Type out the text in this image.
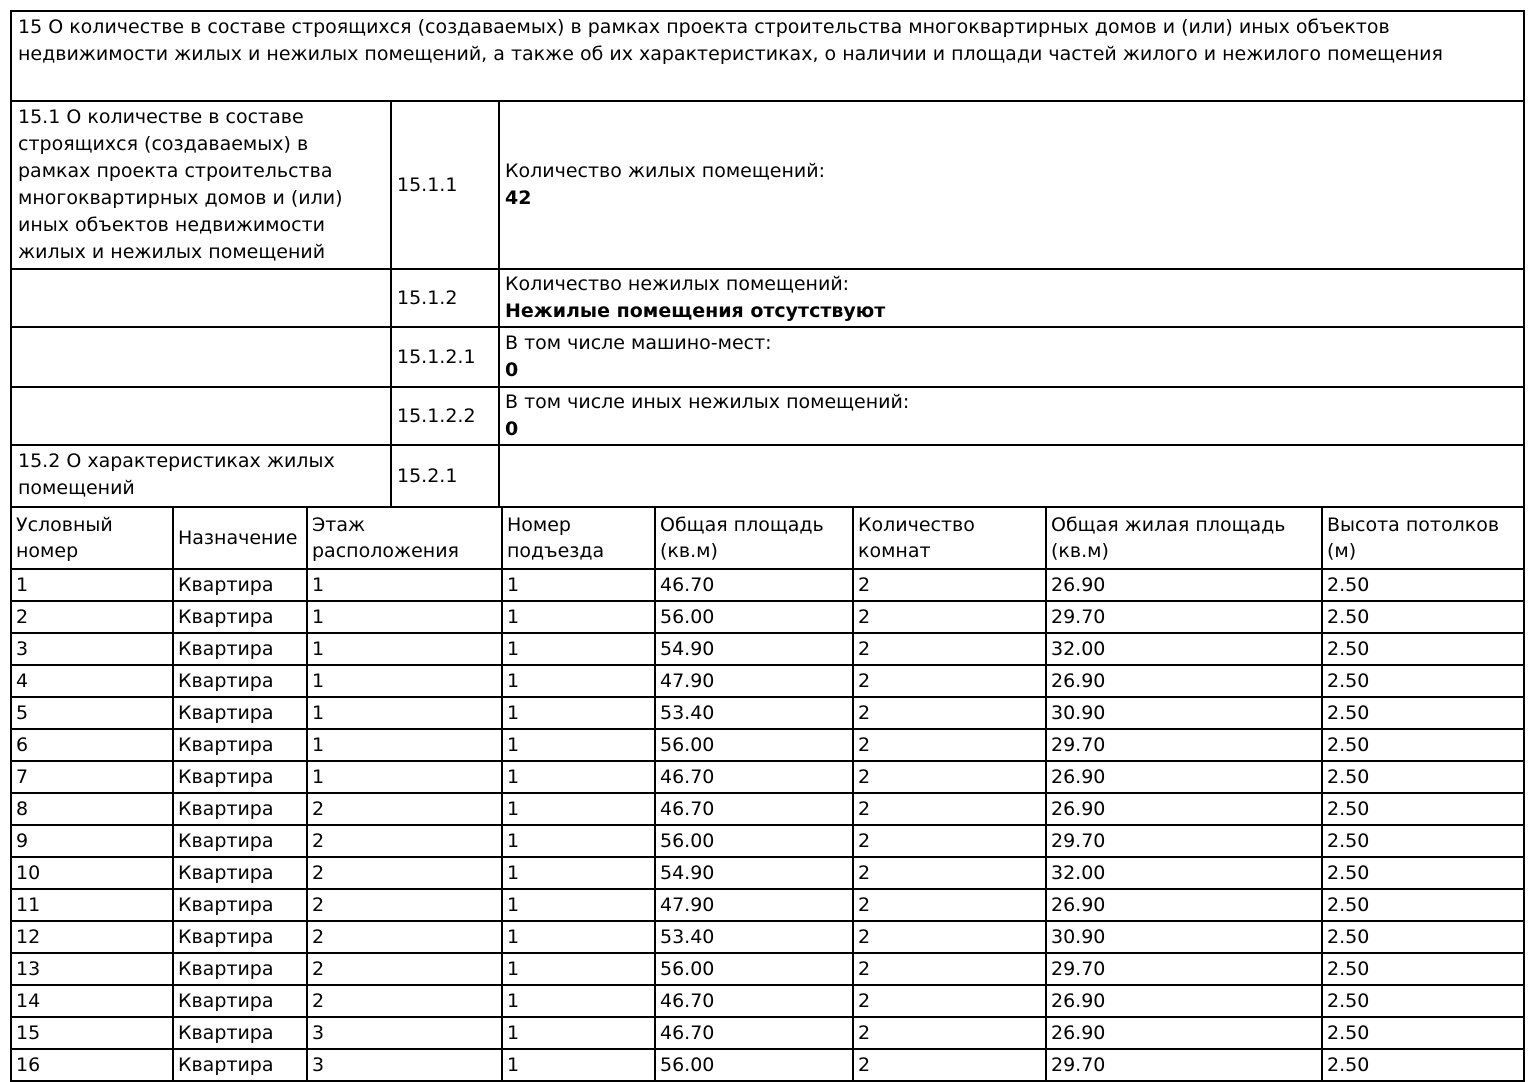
15 О количестве в составе строящихся (создаваемых) в рамках проекта строительства многоквартирных домов и (или) иных объектов недвижимости жилых и нежилых помещений, а также об их характеристиках, о наличии и площади частей жилого и нежилого помещения		
15.1 О количестве в составе строящихся (создаваемых) в рамках проекта строительства многоквартирных домов и (или) иных объектов недвижимости жилых и нежилых помещений	15.1.1	Количество жилых помещений:
42

	15.1.2	Количество нежилых помещений:
Нежилые помещения отсутствуют

	15.1.2.1	В том числе машино-мест:
0

	15.1.2.2	В том числе иных нежилых помещений:
0

15.2 О характеристиках жилых помещений	15.2.1	
Условный номер	Назначение	Этаж расположения	Номер подъезда	Общая площадь (кв.м)	Количество комнат	Общая жилая площадь (кв.м)	Высота потолков (м)
1	Квартира	1	1	46.70	2	26.90	2.50
2	Квартира	1	1	56.00	2	29.70	2.50
3	Квартира	1	1	54.90	2	32.00	2.50
4	Квартира	1	1	47.90	2	26.90	2.50
5	Квартира	1	1	53.40	2	30.90	2.50
6	Квартира	1	1	56.00	2	29.70	2.50
7	Квартира	1	1	46.70	2	26.90	2.50
8	Квартира	2	1	46.70	2	26.90	2.50
9	Квартира	2	1	56.00	2	29.70	2.50
10	Квартира	2	1	54.90	2	32.00	2.50
11	Квартира	2	1	47.90	2	26.90	2.50
12	Квартира	2	1	53.40	2	30.90	2.50
13	Квартира	2	1	56.00	2	29.70	2.50
14	Квартира	2	1	46.70	2	26.90	2.50
15	Квартира	3	1	46.70	2	26.90	2.50
16	Квартира	3	1	56.00	2	29.70	2.50
